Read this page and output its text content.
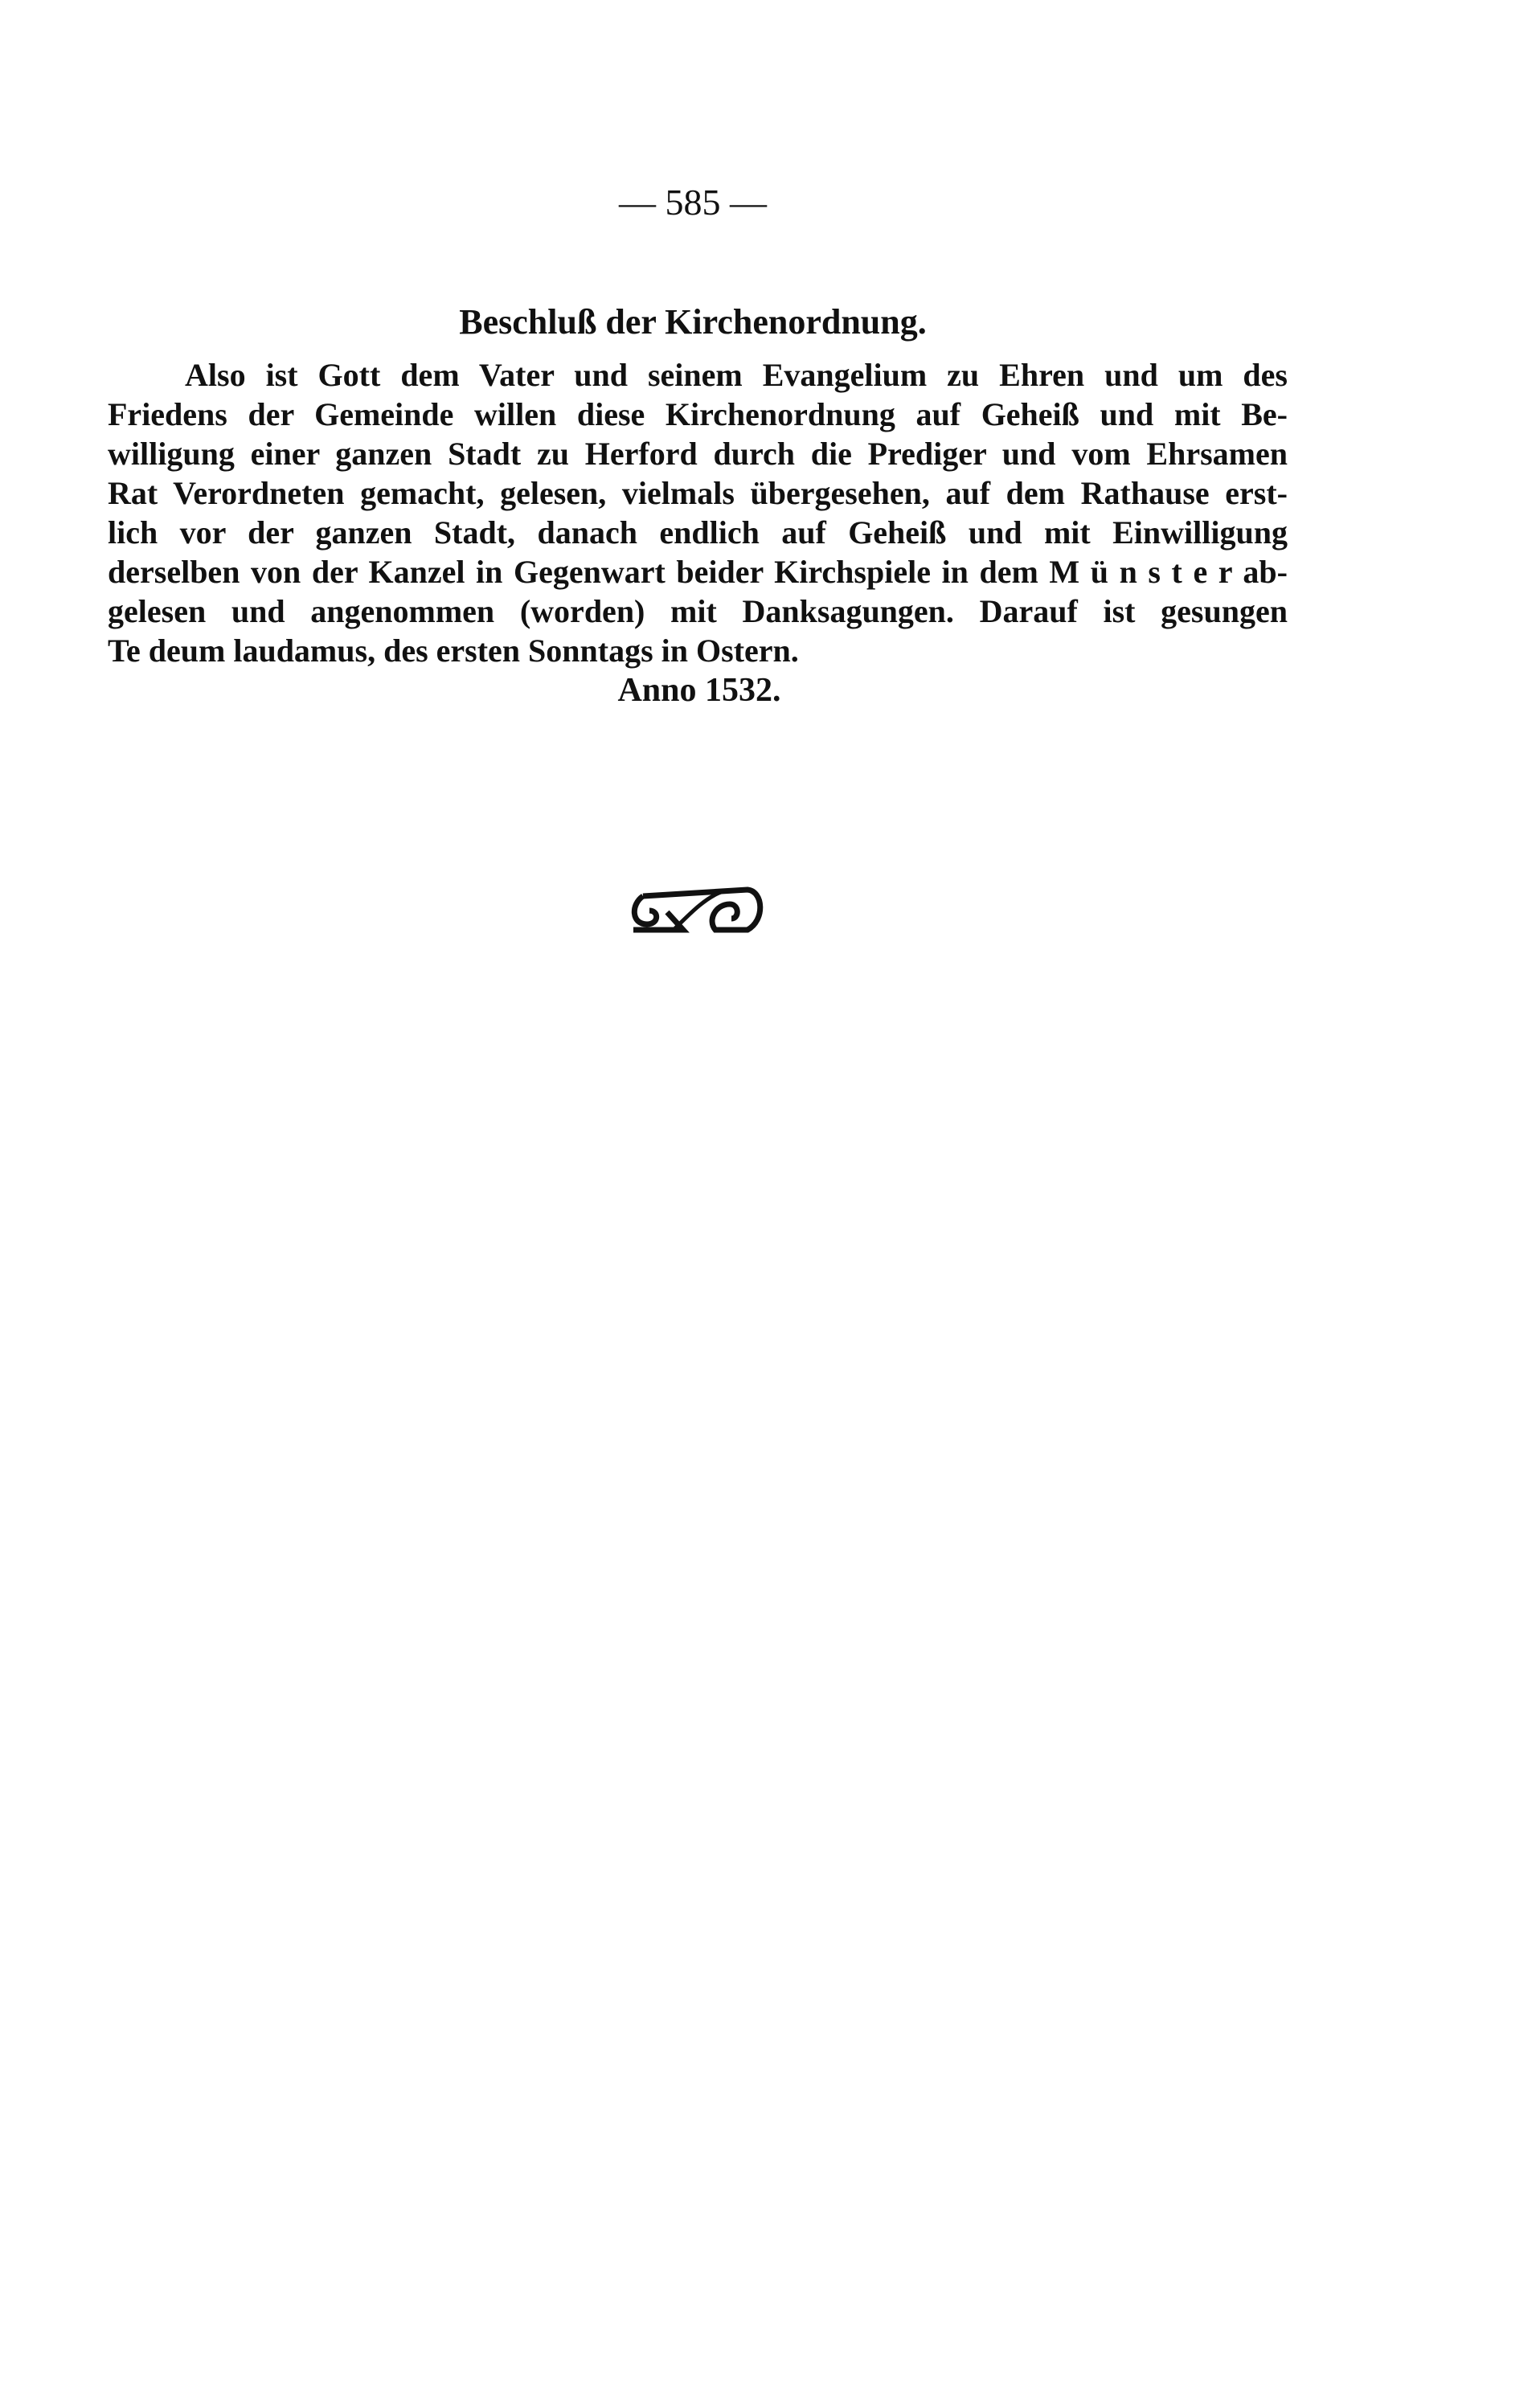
— 585 —
Beschluß der Kirchenordnung.
Also ist Gott dem Vater und seinem Evangelium zu Ehren und um des
Friedens der Gemeinde willen diese Kirchenordnung auf Geheiß und mit Be-
willigung einer ganzen Stadt zu Herford durch die Prediger und vom Ehrsamen
Rat Verordneten gemacht, gelesen, vielmals übergesehen, auf dem Rathause erst-
lich vor der ganzen Stadt, danach endlich auf Geheiß und mit Einwilligung
derselben von der Kanzel in Gegenwart beider Kirchspiele in dem M ü n s t e r ab-
gelesen und angenommen (worden) mit Danksagungen. Darauf ist gesungen
Te deum laudamus, des ersten Sonntags in Ostern.
Anno 1532.
